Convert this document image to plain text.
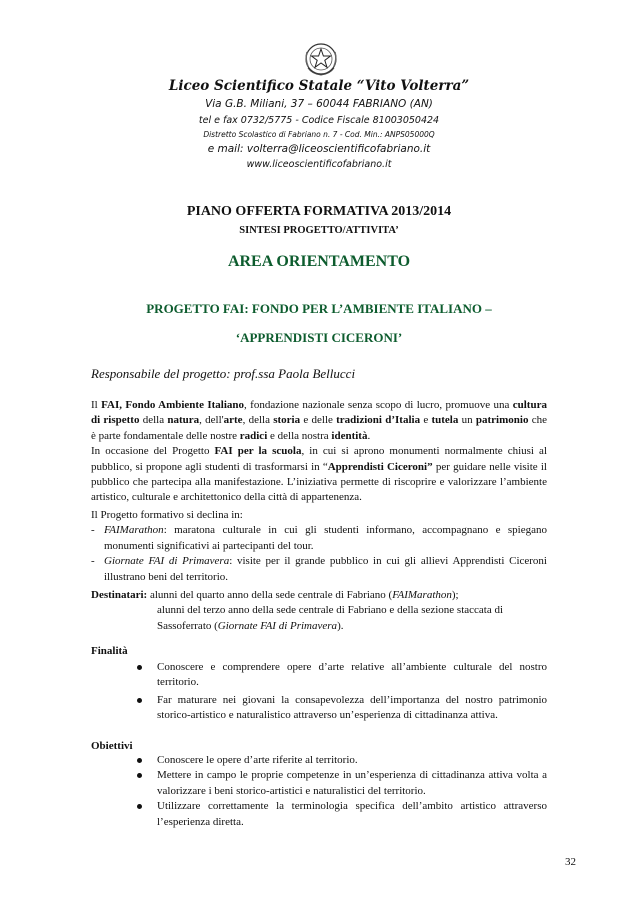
Liceo Scientifico Statale “Vito Volterra”
Via G.B. Miliani, 37 – 60044 FABRIANO (AN)
tel e fax 0732/5775 - Codice Fiscale 81003050424
Distretto Scolastico di Fabriano n. 7 - Cod. Min.: ANPS05000Q
e mail: volterra@liceoscientificofabriano.it
www.liceoscientificofabriano.it
PIANO OFFERTA FORMATIVA 2013/2014
SINTESI PROGETTO/ATTIVITA’
AREA ORIENTAMENTO
PROGETTO FAI: FONDO PER L’AMBIENTE ITALIANO –
‘APPRENDISTI CICERONI’
Responsabile del progetto: prof.ssa Paola Bellucci
Il FAI, Fondo Ambiente Italiano, fondazione nazionale senza scopo di lucro, promuove una cultura di rispetto della natura, dell'arte, della storia e delle tradizioni d’Italia e tutela un patrimonio che è parte fondamentale delle nostre radici e della nostra identità.
In occasione del Progetto FAI per la scuola, in cui si aprono monumenti normalmente chiusi al pubblico, si propone agli studenti di trasformarsi in “Apprendisti Ciceroni” per guidare nelle visite il pubblico che partecipa alla manifestazione. L’iniziativa permette di riscoprire e valorizzare l’ambiente artistico, culturale e architettonico della città di appartenenza.
Il Progetto formativo si declina in:
- FAIMarathon: maratona culturale in cui gli studenti informano, accompagnano e spiegano monumenti significativi ai partecipanti del tour.
- Giornate FAI di Primavera: visite per il grande pubblico in cui gli allievi Apprendisti Ciceroni illustrano beni del territorio.
Destinatari: alunni del quarto anno della sede centrale di Fabriano (FAIMarathon);
alunni del terzo anno della sede centrale di Fabriano e della sezione staccata di
Sassoferrato (Giornate FAI di Primavera).
Finalità
Conoscere e comprendere opere d’arte relative all’ambiente culturale del nostro territorio.
Far maturare nei giovani la consapevolezza dell’importanza del nostro patrimonio storico-artistico e naturalistico attraverso un’esperienza di cittadinanza attiva.
Obiettivi
Conoscere le opere d’arte riferite al territorio.
Mettere in campo le proprie competenze in un’esperienza di cittadinanza attiva volta a valorizzare i beni storico-artistici e naturalistici del territorio.
Utilizzare correttamente la terminologia specifica dell’ambito artistico attraverso l’esperienza diretta.
32
